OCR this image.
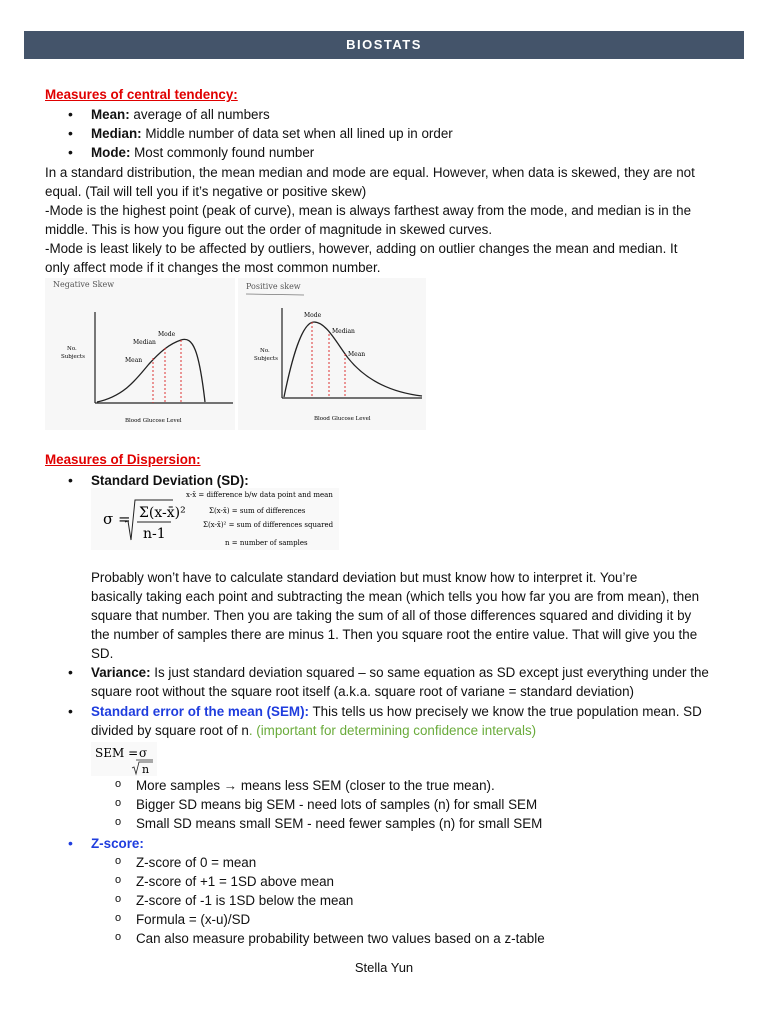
BIOSTATS
Measures of central tendency:
•
Mean: average of all numbers
•
Median: Middle number of data set when all lined up in order
•
Mode: Most commonly found number
In a standard distribution, the mean median and mode are equal. However, when data is skewed, they are not
equal. (Tail will tell you if it’s negative or positive skew)
-Mode is the highest point (peak of curve), mean is always farthest away from the mode, and median is in the
middle. This is how you figure out the order of magnitude in skewed curves.
-Mode is least likely to be affected by outliers, however, adding on outlier changes the mean and median. It
only affect mode if it changes the most common number.
Negative Skew
Mode
Median
Mean
No.
Subjects
Blood Glucose Level
Positive skew
Mode
Median
Mean
No.
Subjects
Blood Glucose Level
Measures of Dispersion:
•
Standard Deviation (SD):
σ = Σ(x-x̄)²
n-1
x-x̄ = difference b/w data point and mean
Σ(x-x̄) = sum of differences
Σ(x-x̄)² = sum of differences squared
n = number of samples
Probably won’t have to calculate standard deviation but must know how to interpret it. You’re
basically taking each point and subtracting the mean (which tells you how far you are from mean), then
square that number. Then you are taking the sum of all of those differences squared and dividing it by
the number of samples there are minus 1. Then you square root the entire value. That will give you the
SD.
•
Variance: Is just standard deviation squared – so same equation as SD except just everything under the
square root without the square root itself (a.k.a. square root of variane = standard deviation)
•
Standard error of the mean (SEM): This tells us how precisely we know the true population mean. SD
divided by square root of n. (important for determining confidence intervals)
SEM = σ
n
o More samples → means less SEM (closer to the true mean).
o Bigger SD means big SEM - need lots of samples (n) for small SEM
o Small SD means small SEM - need fewer samples (n) for small SEM
•
Z-score:
o Z-score of 0 = mean
o Z-score of +1 = 1SD above mean
o Z-score of -1 is 1SD below the mean
o Formula = (x-u)/SD
o Can also measure probability between two values based on a z-table
Stella Yun
